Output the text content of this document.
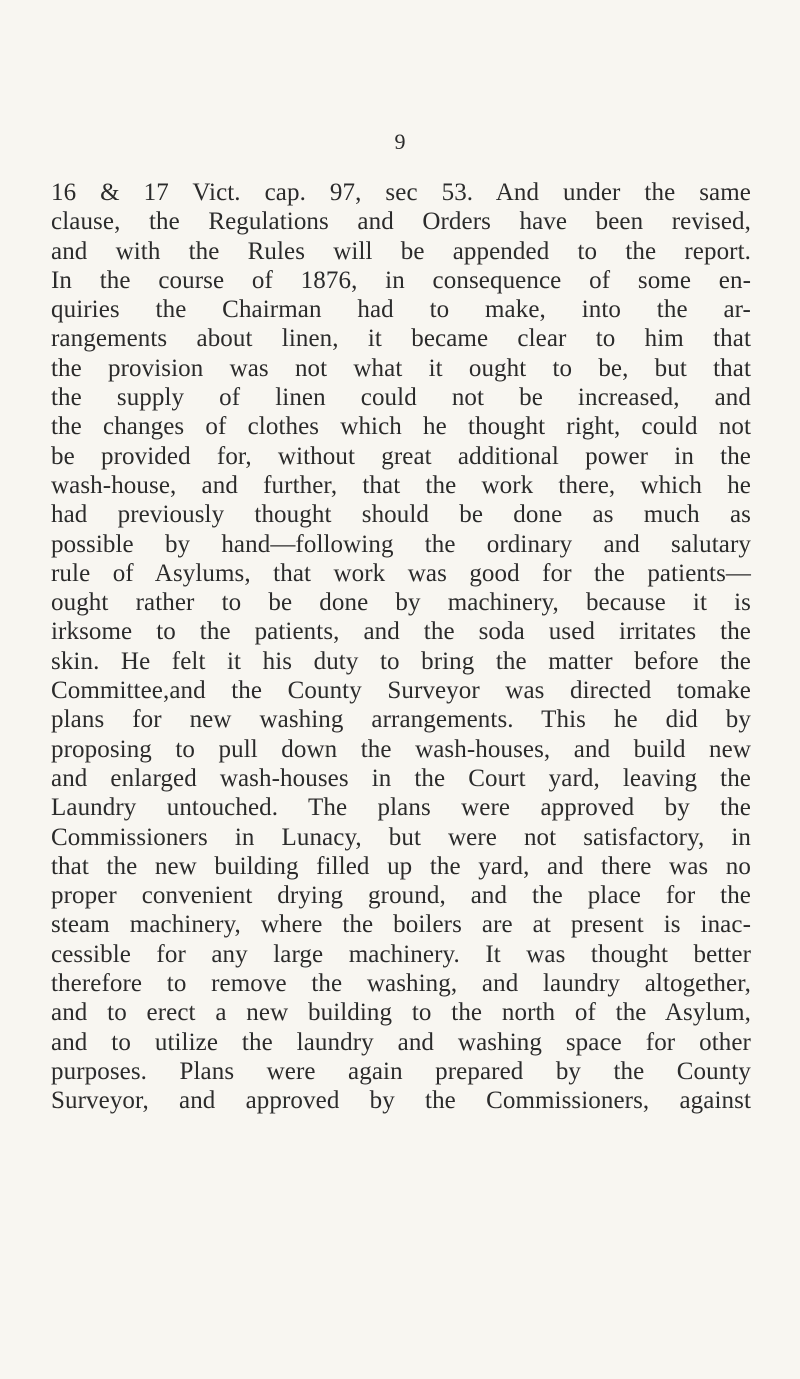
9
16 & 17 Vict. cap. 97, sec 53. And under the same
clause, the Regulations and Orders have been revised,
and with the Rules will be appended to the report.
In the course of 1876, in consequence of some en-
quiries the Chairman had to make, into the ar-
rangements about linen, it became clear to him that
the provision was not what it ought to be, but that
the supply of linen could not be increased, and
the changes of clothes which he thought right, could not
be provided for, without great additional power in the
wash-house, and further, that the work there, which he
had previously thought should be done as much as
possible by hand—following the ordinary and salutary
rule of Asylums, that work was good for the patients—
ought rather to be done by machinery, because it is
irksome to the patients, and the soda used irritates the
skin. He felt it his duty to bring the matter before the
Committee,and the County Surveyor was directed tomake
plans for new washing arrangements. This he did by
proposing to pull down the wash-houses, and build new
and enlarged wash-houses in the Court yard, leaving the
Laundry untouched. The plans were approved by the
Commissioners in Lunacy, but were not satisfactory, in
that the new building filled up the yard, and there was no
proper convenient drying ground, and the place for the
steam machinery, where the boilers are at present is inac-
cessible for any large machinery. It was thought better
therefore to remove the washing, and laundry altogether,
and to erect a new building to the north of the Asylum,
and to utilize the laundry and washing space for other
purposes. Plans were again prepared by the County
Surveyor, and approved by the Commissioners, against
